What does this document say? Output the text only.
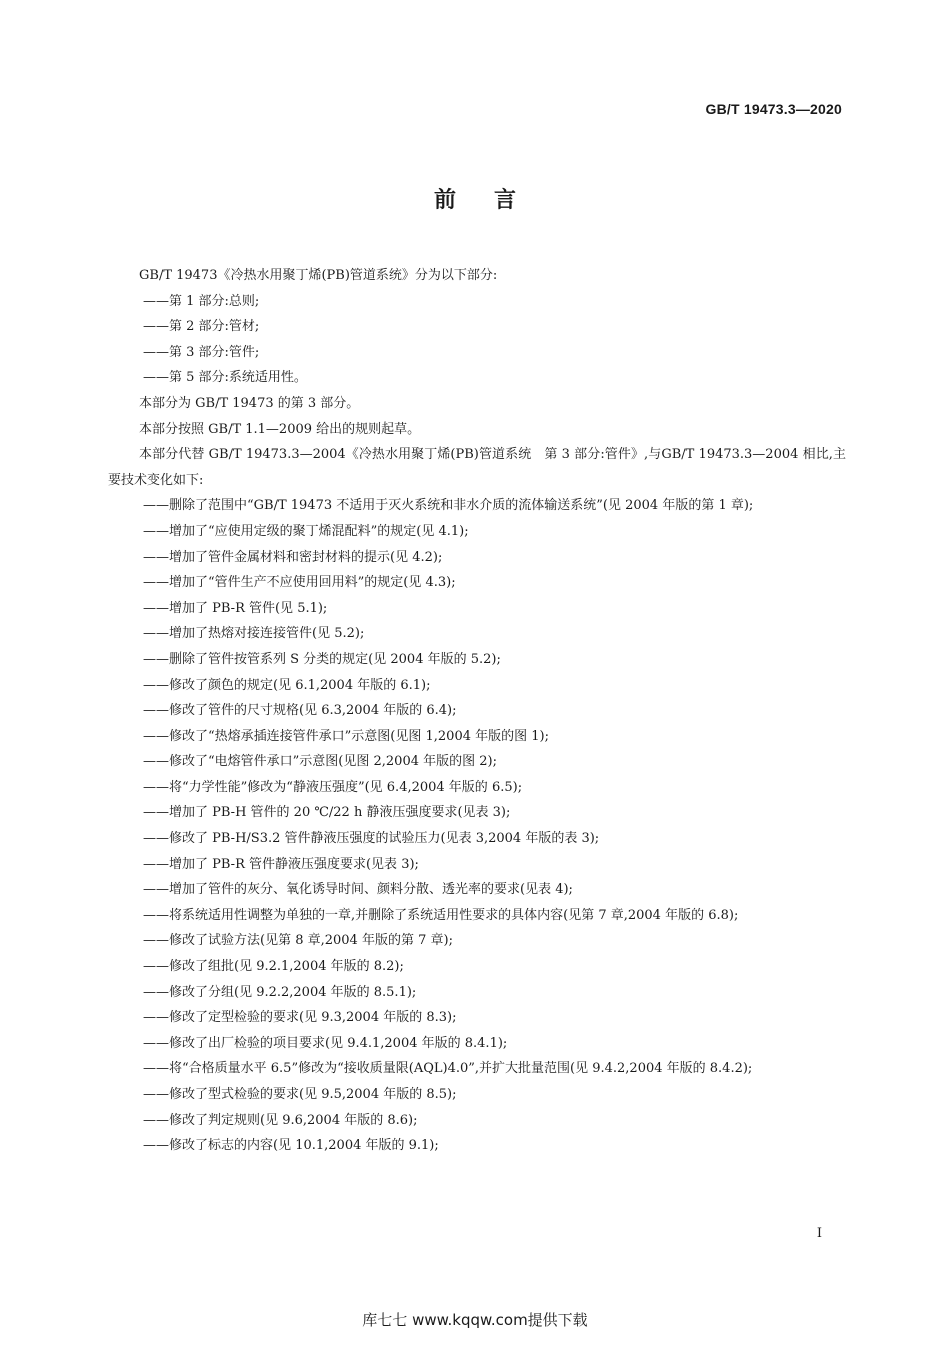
GB/T 19473.3—2020
前言

GB/T 19473《冷热水用聚丁烯(PB)管道系统》分为以下部分:

——第 1 部分:总则;

——第 2 部分:管材;

——第 3 部分:管件;

——第 5 部分:系统适用性。

本部分为 GB/T 19473 的第 3 部分。

本部分按照 GB/T 1.1—2009 给出的规则起草。

本部分代替 GB/T 19473.3—2004《冷热水用聚丁烯(PB)管道系统　第 3 部分:管件》,与GB/T 19473.3—2004 相比,主要技术变化如下:

——删除了范围中“GB/T 19473 不适用于灭火系统和非水介质的流体输送系统”(见 2004 年版的第 1 章);

——增加了“应使用定级的聚丁烯混配料”的规定(见 4.1);

——增加了管件金属材料和密封材料的提示(见 4.2);

——增加了“管件生产不应使用回用料”的规定(见 4.3);

——增加了 PB-R 管件(见 5.1);

——增加了热熔对接连接管件(见 5.2);

——删除了管件按管系列 S 分类的规定(见 2004 年版的 5.2);

——修改了颜色的规定(见 6.1,2004 年版的 6.1);

——修改了管件的尺寸规格(见 6.3,2004 年版的 6.4);

——修改了“热熔承插连接管件承口”示意图(见图 1,2004 年版的图 1);

——修改了“电熔管件承口”示意图(见图 2,2004 年版的图 2);

——将“力学性能”修改为“静液压强度”(见 6.4,2004 年版的 6.5);

——增加了 PB-H 管件的 20 ℃/22 h 静液压强度要求(见表 3);

——修改了 PB-H/S3.2 管件静液压强度的试验压力(见表 3,2004 年版的表 3);

——增加了 PB-R 管件静液压强度要求(见表 3);

——增加了管件的灰分、氧化诱导时间、颜料分散、透光率的要求(见表 4);

——将系统适用性调整为单独的一章,并删除了系统适用性要求的具体内容(见第 7 章,2004 年版的 6.8);

——修改了试验方法(见第 8 章,2004 年版的第 7 章);

——修改了组批(见 9.2.1,2004 年版的 8.2);

——修改了分组(见 9.2.2,2004 年版的 8.5.1);

——修改了定型检验的要求(见 9.3,2004 年版的 8.3);

——修改了出厂检验的项目要求(见 9.4.1,2004 年版的 8.4.1);

——将“合格质量水平 6.5”修改为“接收质量限(AQL)4.0”,并扩大批量范围(见 9.4.2,2004 年版的 8.4.2);

——修改了型式检验的要求(见 9.5,2004 年版的 8.5);

——修改了判定规则(见 9.6,2004 年版的 8.6);

——修改了标志的内容(见 10.1,2004 年版的 9.1);

I
库七七 www.kqqw.com提供下载
